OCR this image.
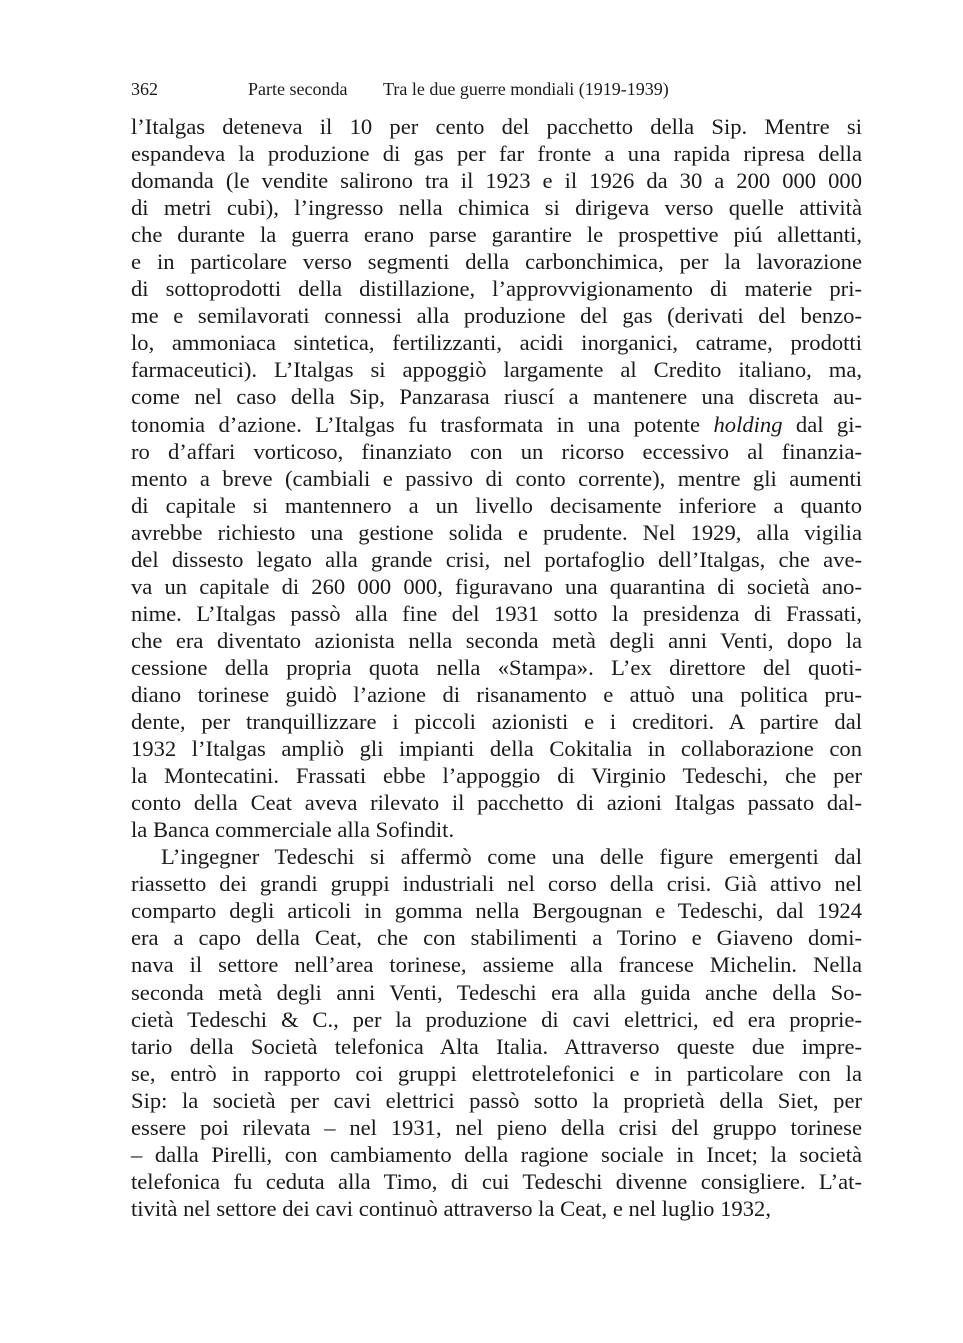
362	Parte seconda Tra le due guerre mondiali (1919-1939)
l’Italgas deteneva il 10 per cento del pacchetto della Sip. Mentre si
espandeva la produzione di gas per far fronte a una rapida ripresa della
domanda (le vendite salirono tra il 1923 e il 1926 da 30 a 200 000 000
di metri cubi), l’ingresso nella chimica si dirigeva verso quelle attività
che durante la guerra erano parse garantire le prospettive piú allettanti,
e in particolare verso segmenti della carbonchimica, per la lavorazione
di sottoprodotti della distillazione, l’approvvigionamento di materie pri-
me e semilavorati connessi alla produzione del gas (derivati del benzo-
lo, ammoniaca sintetica, fertilizzanti, acidi inorganici, catrame, prodotti
farmaceutici). L’Italgas si appoggiò largamente al Credito italiano, ma,
come nel caso della Sip, Panzarasa riuscí a mantenere una discreta au-
tonomia d’azione. L’Italgas fu trasformata in una potente holding dal gi-
ro d’affari vorticoso, finanziato con un ricorso eccessivo al finanzia-
mento a breve (cambiali e passivo di conto corrente), mentre gli aumenti
di capitale si mantennero a un livello decisamente inferiore a quanto
avrebbe richiesto una gestione solida e prudente. Nel 1929, alla vigilia
del dissesto legato alla grande crisi, nel portafoglio dell’Italgas, che ave-
va un capitale di 260 000 000, figuravano una quarantina di società ano-
nime. L’Italgas passò alla fine del 1931 sotto la presidenza di Frassati,
che era diventato azionista nella seconda metà degli anni Venti, dopo la
cessione della propria quota nella «Stampa». L’ex direttore del quoti-
diano torinese guidò l’azione di risanamento e attuò una politica pru-
dente, per tranquillizzare i piccoli azionisti e i creditori. A partire dal
1932 l’Italgas ampliò gli impianti della Cokitalia in collaborazione con
la Montecatini. Frassati ebbe l’appoggio di Virginio Tedeschi, che per
conto della Ceat aveva rilevato il pacchetto di azioni Italgas passato dal-
la Banca commerciale alla Sofindit.
L’ingegner Tedeschi si affermò come una delle figure emergenti dal
riassetto dei grandi gruppi industriali nel corso della crisi. Già attivo nel
comparto degli articoli in gomma nella Bergougnan e Tedeschi, dal 1924
era a capo della Ceat, che con stabilimenti a Torino e Giaveno domi-
nava il settore nell’area torinese, assieme alla francese Michelin. Nella
seconda metà degli anni Venti, Tedeschi era alla guida anche della So-
cietà Tedeschi & C., per la produzione di cavi elettrici, ed era proprie-
tario della Società telefonica Alta Italia. Attraverso queste due impre-
se, entrò in rapporto coi gruppi elettrotelefonici e in particolare con la
Sip: la società per cavi elettrici passò sotto la proprietà della Siet, per
essere poi rilevata – nel 1931, nel pieno della crisi del gruppo torinese
– dalla Pirelli, con cambiamento della ragione sociale in Incet; la società
telefonica fu ceduta alla Timo, di cui Tedeschi divenne consigliere. L’at-
tività nel settore dei cavi continuò attraverso la Ceat, e nel luglio 1932,
